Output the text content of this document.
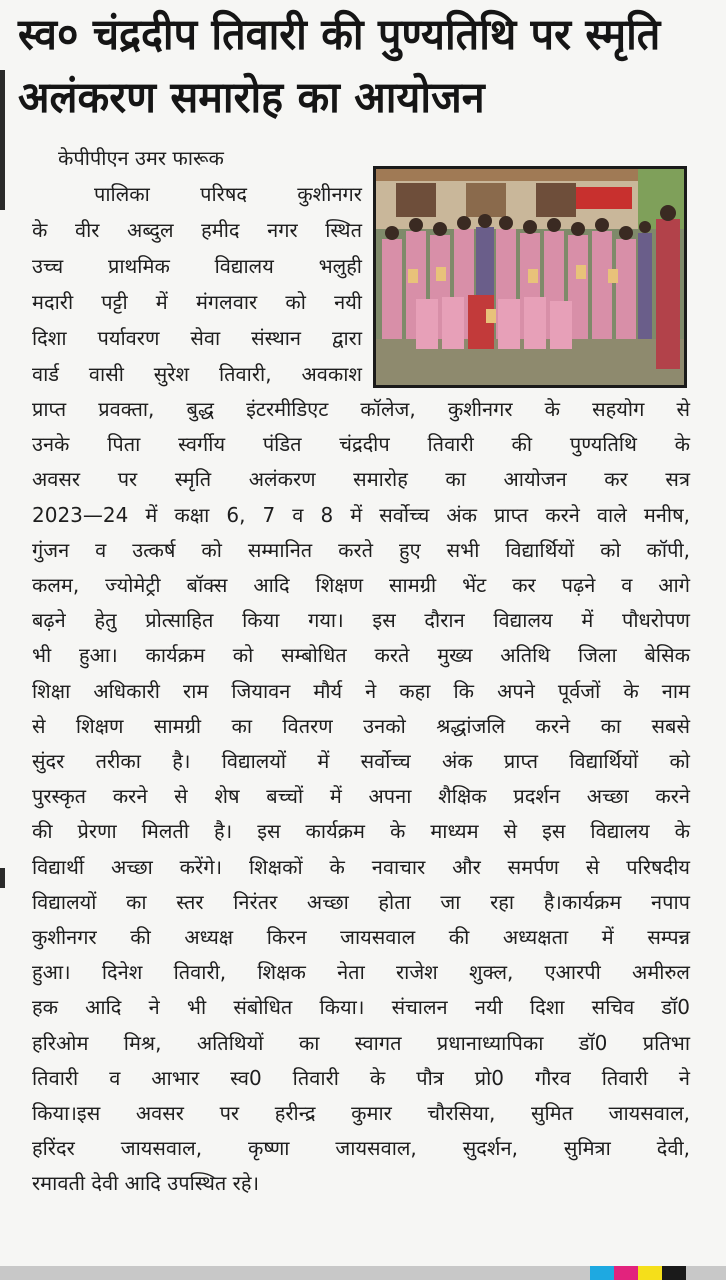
स्व० चंद्रदीप तिवारी की पुण्यतिथि पर स्मृति अलंकरण समारोह का आयोजन
केपीपीएन उमर फारूक
पालिका परिषद कुशीनगर
के वीर अब्दुल हमीद नगर स्थित
उच्च प्राथमिक विद्यालय भलुही
मदारी पट्टी में मंगलवार को नयी
दिशा पर्यावरण सेवा संस्थान द्वारा
वार्ड वासी सुरेश तिवारी, अवकाश
प्राप्त प्रवक्ता, बुद्ध इंटरमीडिएट कॉलेज, कुशीनगर के सहयोग से
उनके पिता स्वर्गीय पंडित चंद्रदीप तिवारी की पुण्यतिथि के
अवसर पर स्मृति अलंकरण समारोह का आयोजन कर सत्र
2023—24 में कक्षा 6, 7 व 8 में सर्वोच्च अंक प्राप्त करने वाले मनीष,
गुंजन व उत्कर्ष को सम्मानित करते हुए सभी विद्यार्थियों को कॉपी,
कलम, ज्योमेट्री बॉक्स आदि शिक्षण सामग्री भेंट कर पढ़ने व आगे
बढ़ने हेतु प्रोत्साहित किया गया। इस दौरान विद्यालय में पौधरोपण
भी हुआ। कार्यक्रम को सम्बोधित करते मुख्य अतिथि जिला बेसिक
शिक्षा अधिकारी राम जियावन मौर्य ने कहा कि अपने पूर्वजों के नाम
से शिक्षण सामग्री का वितरण उनको श्रद्धांजलि करने का सबसे
सुंदर तरीका है। विद्यालयों में सर्वोच्च अंक प्राप्त विद्यार्थियों को
पुरस्कृत करने से शेष बच्चों में अपना शैक्षिक प्रदर्शन अच्छा करने
की प्रेरणा मिलती है। इस कार्यक्रम के माध्यम से इस विद्यालय के
विद्यार्थी अच्छा करेंगे। शिक्षकों के नवाचार और समर्पण से परिषदीय
विद्यालयों का स्तर निरंतर अच्छा होता जा रहा है।कार्यक्रम नपाप
कुशीनगर की अध्यक्ष किरन जायसवाल की अध्यक्षता में सम्पन्न
हुआ। दिनेश तिवारी, शिक्षक नेता राजेश शुक्ल, एआरपी अमीरुल
हक आदि ने भी संबोधित किया। संचालन नयी दिशा सचिव डॉ0
हरिओम मिश्र, अतिथियों का स्वागत प्रधानाध्यापिका डॉ0 प्रतिभा
तिवारी व आभार स्व0 तिवारी के पौत्र प्रो0 गौरव तिवारी ने
किया।इस अवसर पर हरीन्द्र कुमार चौरसिया, सुमित जायसवाल,
हरिंदर जायसवाल, कृष्णा जायसवाल, सुदर्शन, सुमित्रा देवी,
रमावती देवी आदि उपस्थित रहे।
